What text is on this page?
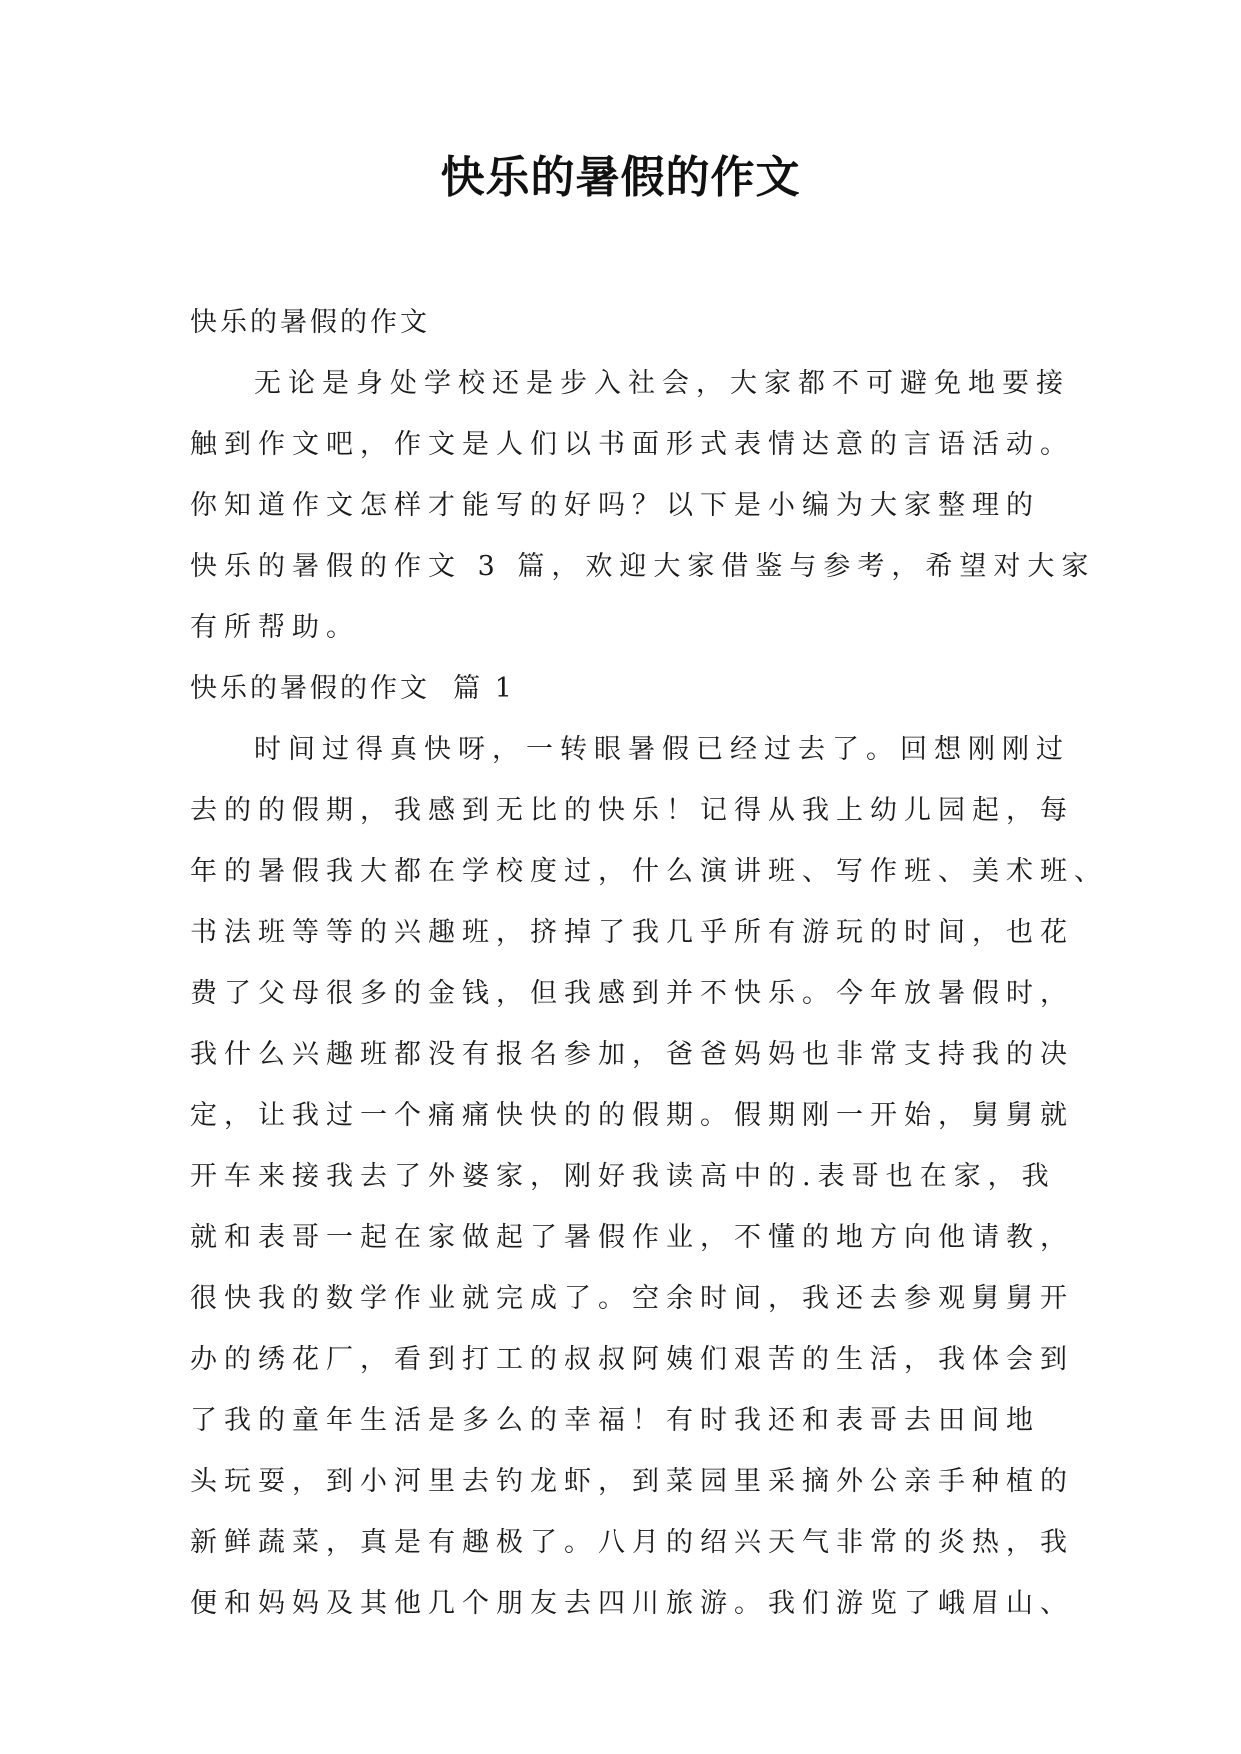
快乐的暑假的作文

快乐的暑假的作文

无论是身处学校还是步入社会，大家都不可避免地要接
触到作文吧，作文是人们以书面形式表情达意的言语活动。
你知道作文怎样才能写的好吗？以下是小编为大家整理的
快乐的暑假的作文 3 篇，欢迎大家借鉴与参考，希望对大家
有所帮助。

快乐的暑假的作文  篇 1

时间过得真快呀，一转眼暑假已经过去了。回想刚刚过
去的的假期，我感到无比的快乐！记得从我上幼儿园起，每
年的暑假我大都在学校度过，什么演讲班、写作班、美术班、
书法班等等的兴趣班，挤掉了我几乎所有游玩的时间，也花
费了父母很多的金钱，但我感到并不快乐。今年放暑假时，
我什么兴趣班都没有报名参加，爸爸妈妈也非常支持我的决
定，让我过一个痛痛快快的的假期。假期刚一开始，舅舅就
开车来接我去了外婆家，刚好我读高中的.表哥也在家，我
就和表哥一起在家做起了暑假作业，不懂的地方向他请教，
很快我的数学作业就完成了。空余时间，我还去参观舅舅开
办的绣花厂，看到打工的叔叔阿姨们艰苦的生活，我体会到
了我的童年生活是多么的幸福！有时我还和表哥去田间地
头玩耍，到小河里去钓龙虾，到菜园里采摘外公亲手种植的
新鲜蔬菜，真是有趣极了。八月的绍兴天气非常的炎热，我
便和妈妈及其他几个朋友去四川旅游。我们游览了峨眉山、
